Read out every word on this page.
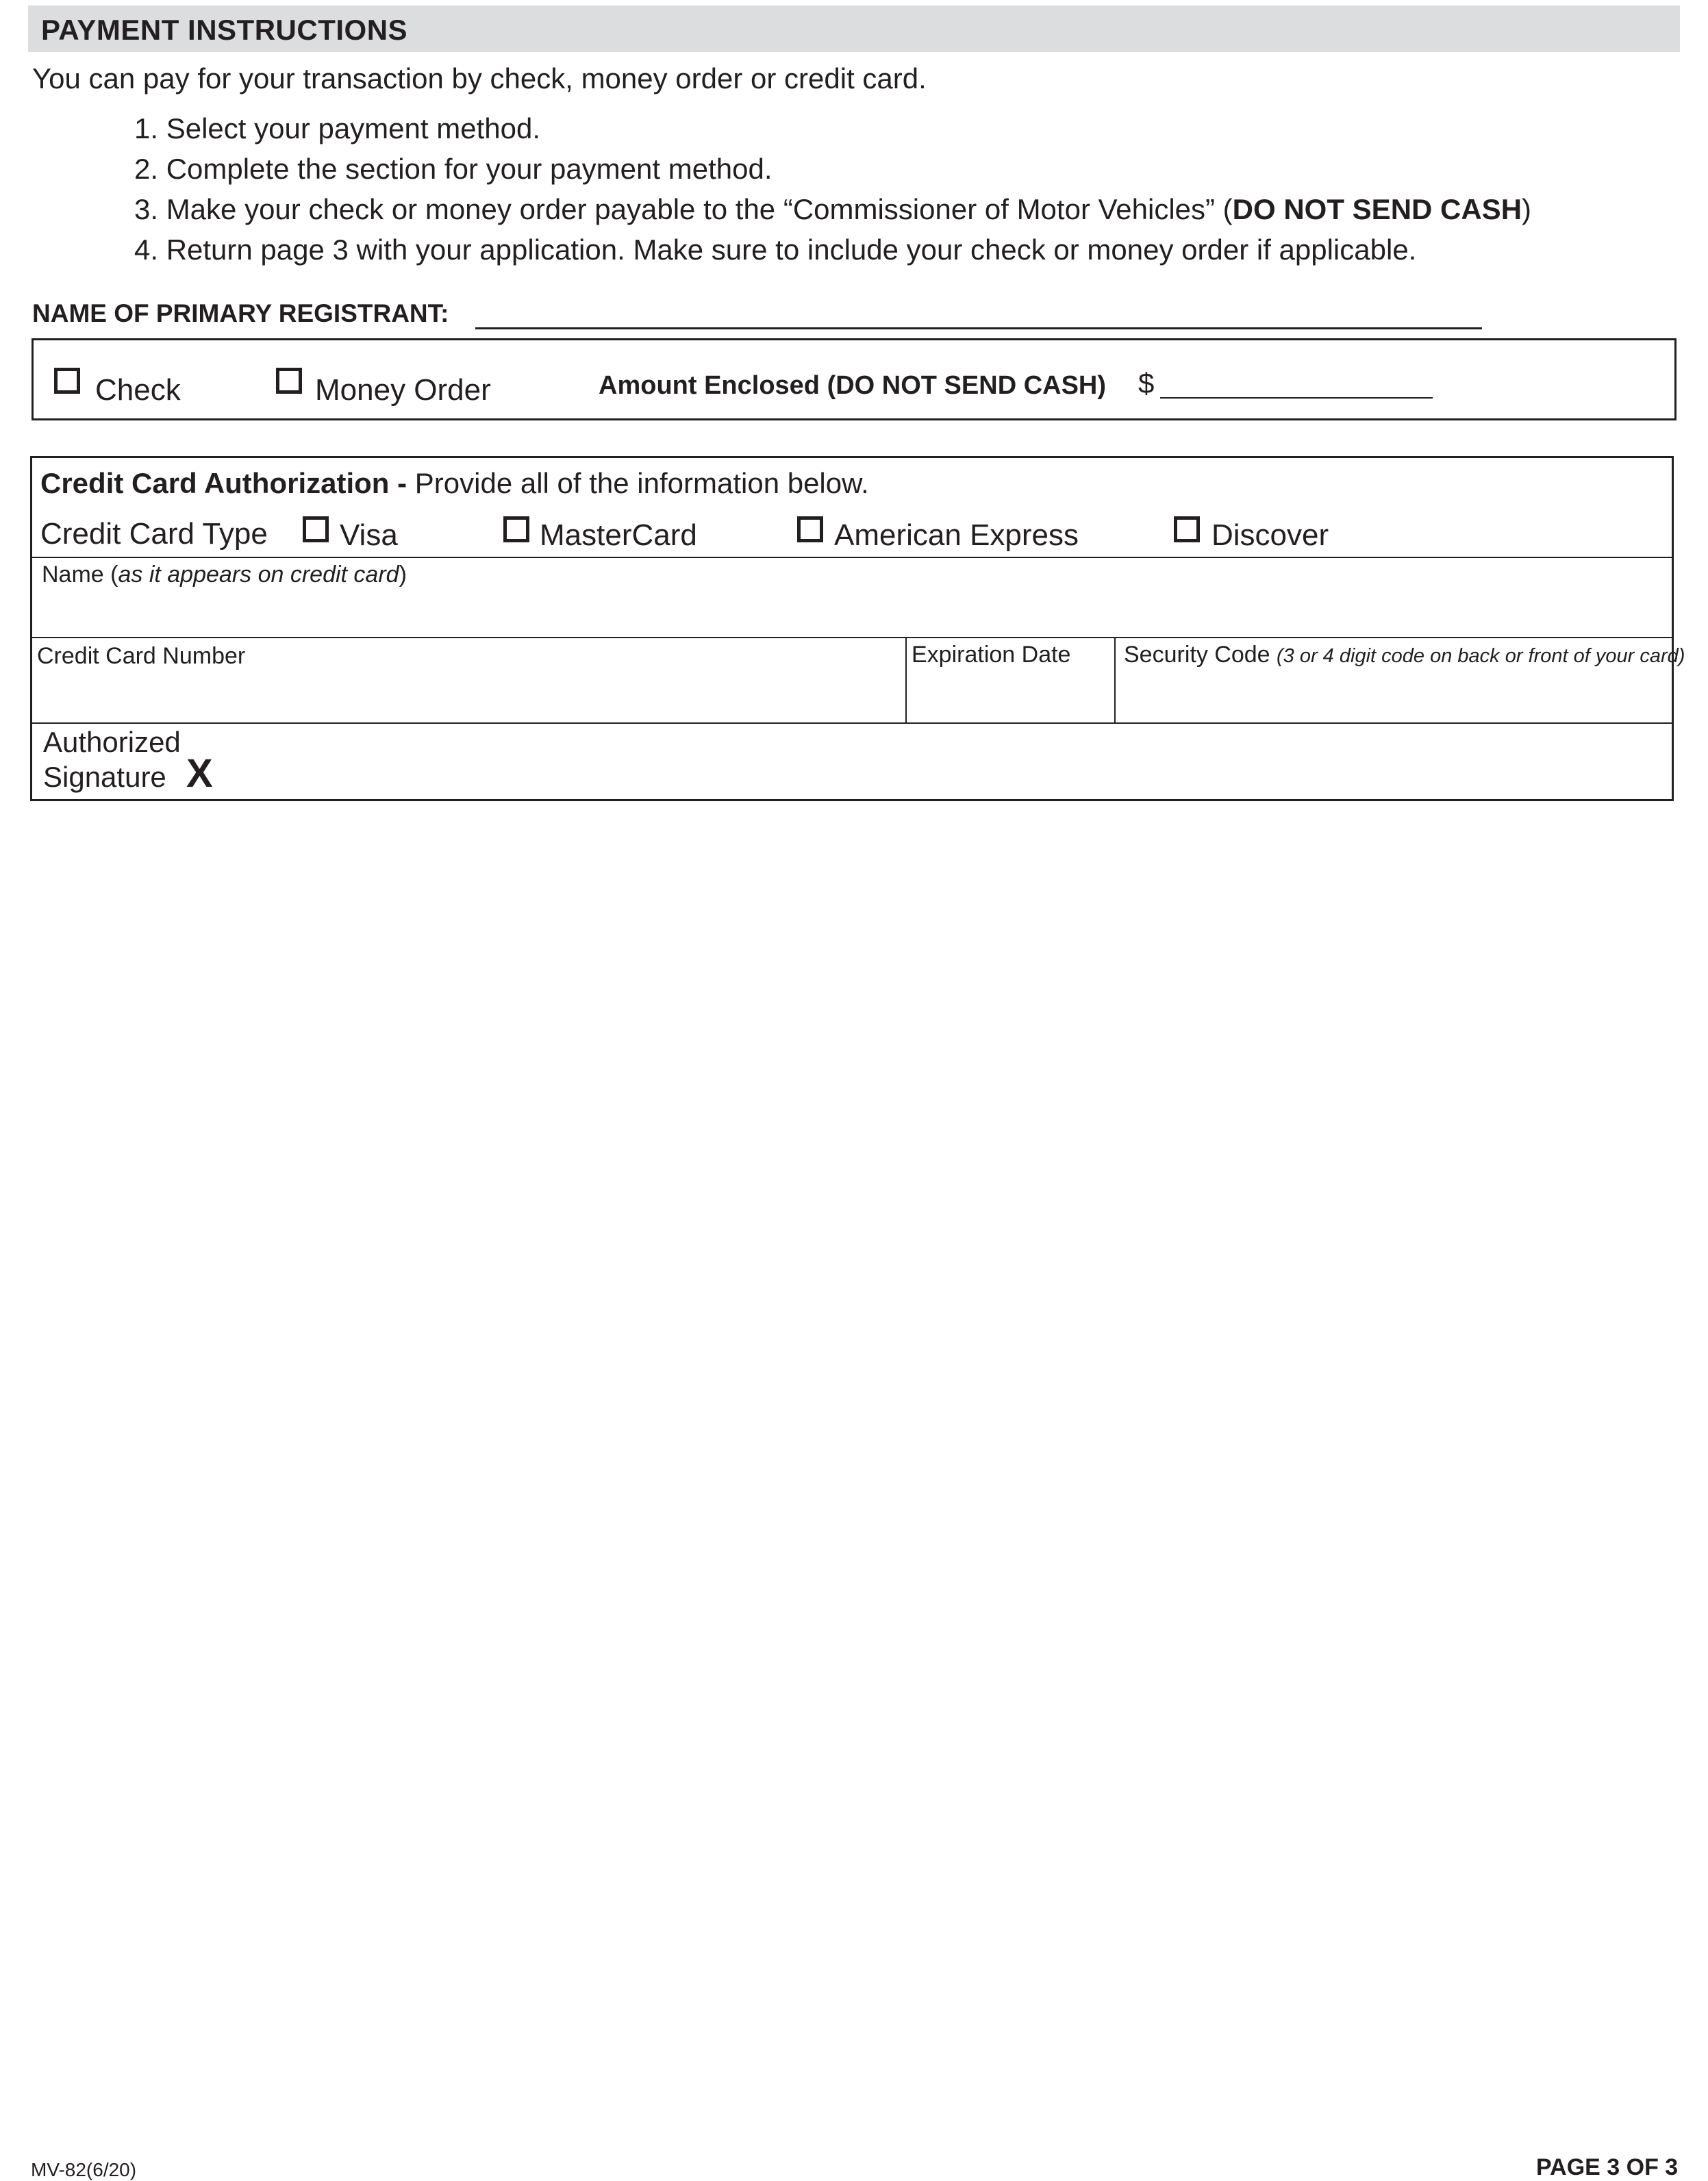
PAYMENT INSTRUCTIONS
You can pay for your transaction by check, money order or credit card.
1. Select your payment method.
2. Complete the section for your payment method.
3. Make your check or money order payable to the “Commissioner of Motor Vehicles” (DO NOT SEND CASH)
4. Return page 3 with your application. Make sure to include your check or money order if applicable.
NAME OF PRIMARY REGISTRANT:
Check	Money Order	Amount Enclosed (DO NOT SEND CASH) $
Credit Card Authorization - Provide all of the information below.
Credit Card Type Visa	MasterCard	American Express	Discover
Name (as it appears on credit card)
Credit Card Number	Expiration Date Security Code (3 or 4 digit code on back or front of your card)
Authorized
Signature X
MV-82(6/20)	PAGE 3 OF 3
